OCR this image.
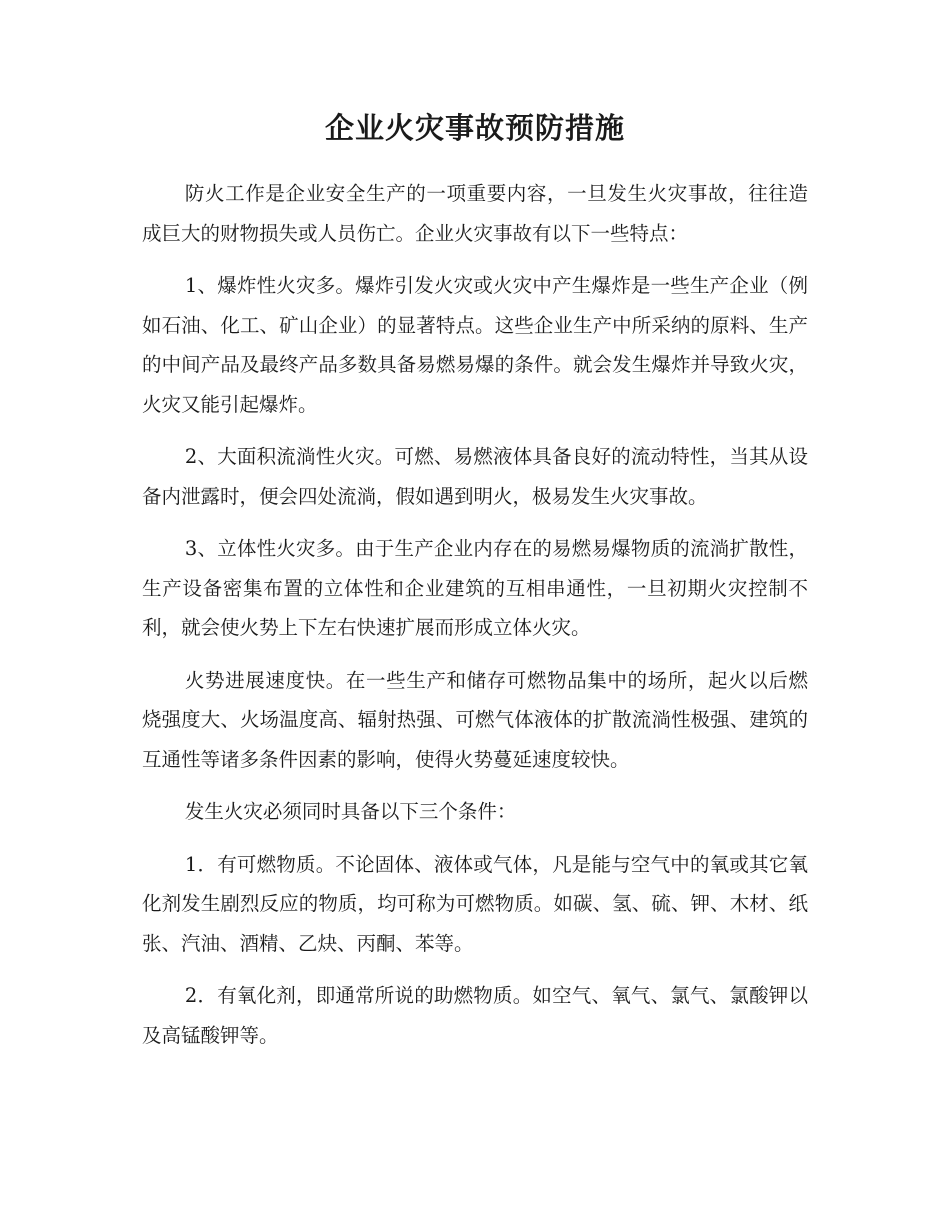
企业火灾事故预防措施

防火工作是企业安全生产的一项重要内容，一旦发生火灾事故，往往造成巨大的财物损失或人员伤亡。企业火灾事故有以下一些特点：

1、爆炸性火灾多。爆炸引发火灾或火灾中产生爆炸是一些生产企业（例如石油、化工、矿山企业）的显著特点。这些企业生产中所采纳的原料、生产的中间产品及最终产品多数具备易燃易爆的条件。就会发生爆炸并导致火灾，火灾又能引起爆炸。

2、大面积流淌性火灾。可燃、易燃液体具备良好的流动特性，当其从设备内泄露时，便会四处流淌，假如遇到明火，极易发生火灾事故。

3、立体性火灾多。由于生产企业内存在的易燃易爆物质的流淌扩散性，生产设备密集布置的立体性和企业建筑的互相串通性，一旦初期火灾控制不利，就会使火势上下左右快速扩展而形成立体火灾。

火势进展速度快。在一些生产和储存可燃物品集中的场所，起火以后燃烧强度大、火场温度高、辐射热强、可燃气体液体的扩散流淌性极强、建筑的互通性等诸多条件因素的影响，使得火势蔓延速度较快。

发生火灾必须同时具备以下三个条件：

1．有可燃物质。不论固体、液体或气体，凡是能与空气中的氧或其它氧化剂发生剧烈反应的物质，均可称为可燃物质。如碳、氢、硫、钾、木材、纸张、汽油、酒精、乙炔、丙酮、苯等。

2．有氧化剂，即通常所说的助燃物质。如空气、氧气、氯气、氯酸钾以及高锰酸钾等。
